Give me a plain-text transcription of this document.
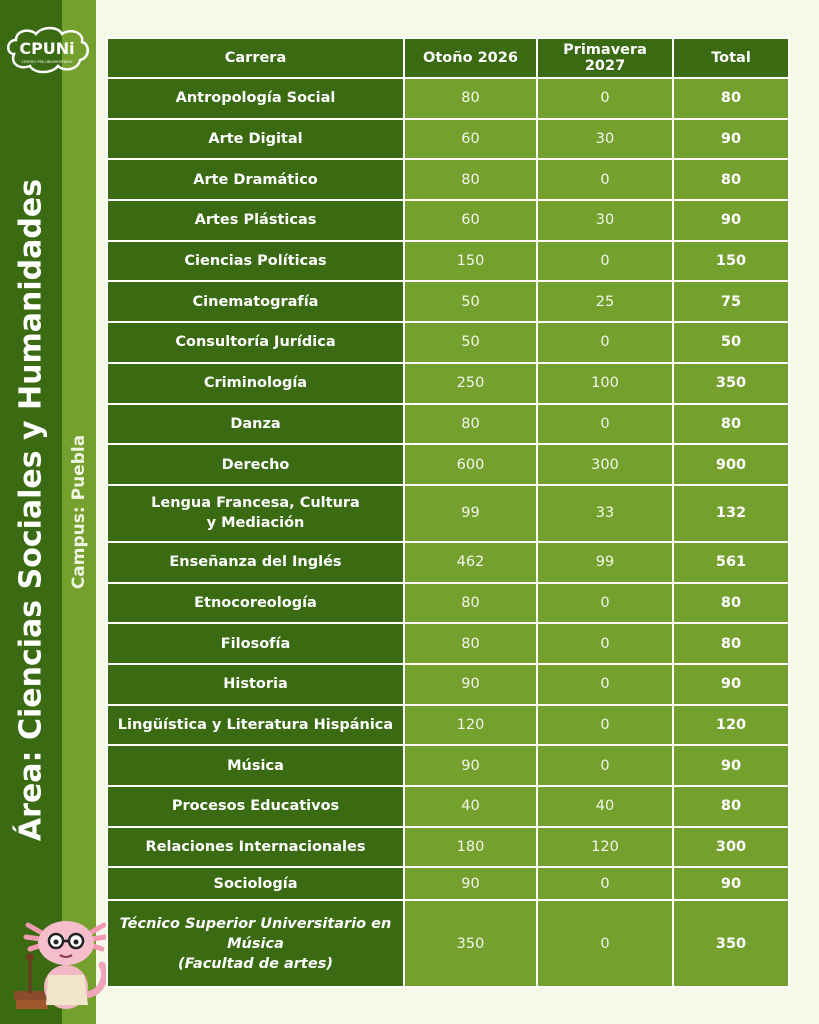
CPUNi
CENTRO PRE-UNIVERSITARIO
Área: Ciencias Sociales y Humanidades Campus: Puebla
Carrera	Otoño 2026	Primavera 2027	Total
Antropología Social	80	0	80
Arte Digital	60	30	90
Arte Dramático	80	0	80
Artes Plásticas	60	30	90
Ciencias Políticas	150	0	150
Cinematografía	50	25	75
Consultoría Jurídica	50	0	50
Criminología	250	100	350
Danza	80	0	80
Derecho	600	300	900
Lengua Francesa, Cultura y Mediación	99	33	132
Enseñanza del Inglés	462	99	561
Etnocoreología	80	0	80
Filosofía	80	0	80
Historia	90	0	90
Lingüística y Literatura Hispánica	120	0	120
Música	90	0	90
Procesos Educativos	40	40	80
Relaciones Internacionales	180	120	300
Sociología	90	0	90

Técnico Superior Universitario en
Música
(Facultad de artes)	350	0	350
